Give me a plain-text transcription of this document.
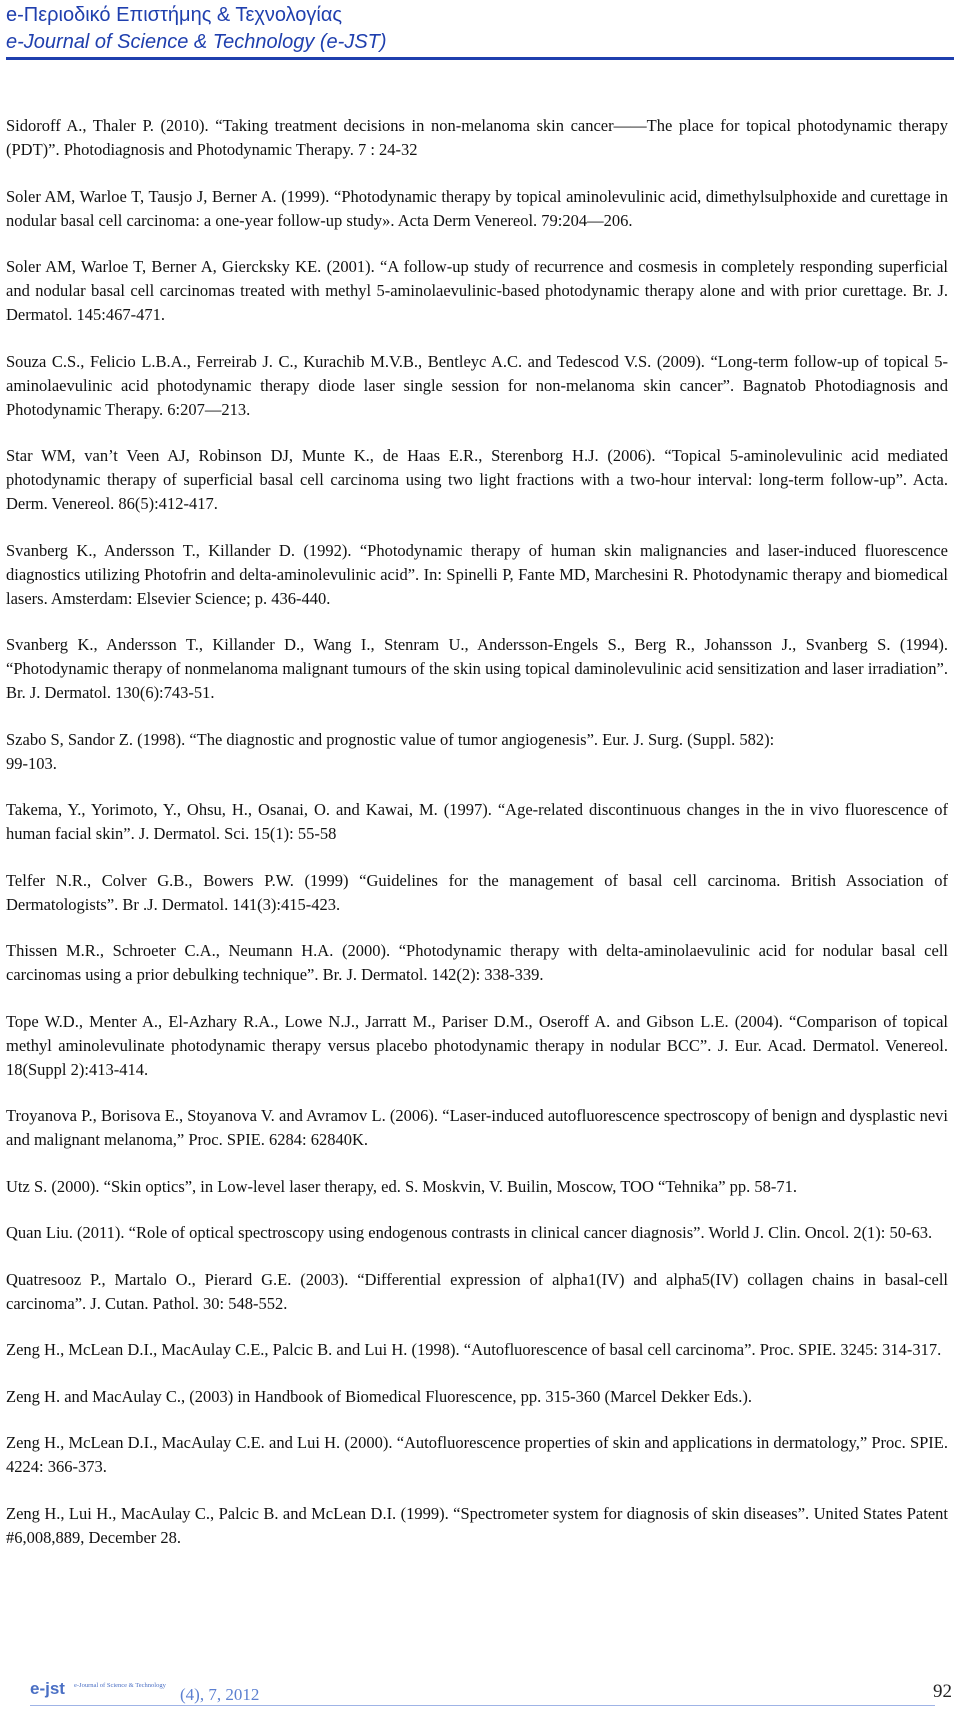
e-Περιοδικό Επιστήμης & Τεχνολογίας
e-Journal of Science & Technology (e-JST)

Sidoroff A., Thaler P. (2010). “Taking treatment decisions in non-melanoma skin cancer——The place for topical photodynamic therapy (PDT)”. Photodiagnosis and Photodynamic Therapy. 7 : 24-32

Soler AM, Warloe T, Tausjo J, Berner A. (1999). “Photodynamic therapy by topical aminolevulinic acid, dimethylsulphoxide and curettage in nodular basal cell carcinoma: a one-year follow-up study». Acta Derm Venereol. 79:204—206.

Soler AM, Warloe T, Berner A, Giercksky KE. (2001). “A follow-up study of recurrence and cosmesis in completely responding superficial and nodular basal cell carcinomas treated with methyl 5-aminolaevulinic-based photodynamic therapy alone and with prior curettage. Br. J. Dermatol. 145:467-471.

Souza C.S., Felicio L.B.A., Ferreirab J. C., Kurachib M.V.B., Bentleyc A.C. and Tedescod V.S. (2009). “Long-term follow-up of topical 5-aminolaevulinic acid photodynamic therapy diode laser single session for non-melanoma skin cancer”. Bagnatob Photodiagnosis and Photodynamic Therapy. 6:207—213.

Star WM, van’t Veen AJ, Robinson DJ, Munte K., de Haas E.R., Sterenborg H.J. (2006). “Topical 5-aminolevulinic acid mediated photodynamic therapy of superficial basal cell carcinoma using two light fractions with a two-hour interval: long-term follow-up”. Acta. Derm. Venereol. 86(5):412-417.

Svanberg K., Andersson T., Killander D. (1992). “Photodynamic therapy of human skin malignancies and laser-induced fluorescence diagnostics utilizing Photofrin and delta-aminolevulinic acid”. In: Spinelli P, Fante MD, Marchesini R. Photodynamic therapy and biomedical lasers. Amsterdam: Elsevier Science; p. 436-440.

Svanberg K., Andersson T., Killander D., Wang I., Stenram U., Andersson-Engels S., Berg R., Johansson J., Svanberg S. (1994). “Photodynamic therapy of nonmelanoma malignant tumours of the skin using topical daminolevulinic acid sensitization and laser irradiation”. Br. J. Dermatol. 130(6):743-51.

Szabo S, Sandor Z. (1998). “The diagnostic and prognostic value of tumor angiogenesis”. Eur. J. Surg. (Suppl. 582):
99-103.

Takema, Y., Yorimoto, Y., Ohsu, H., Osanai, O. and Kawai, M. (1997). “Age-related discontinuous changes in the in vivo fluorescence of human facial skin”. J. Dermatol. Sci. 15(1): 55-58

Telfer N.R., Colver G.B., Bowers P.W. (1999) “Guidelines for the management of basal cell carcinoma. British Association of Dermatologists”. Br .J. Dermatol. 141(3):415-423.

Thissen M.R., Schroeter C.A., Neumann H.A. (2000). “Photodynamic therapy with delta-aminolaevulinic acid for nodular basal cell carcinomas using a prior debulking technique”. Br. J. Dermatol. 142(2): 338-339.

Tope W.D., Menter A., El-Azhary R.A., Lowe N.J., Jarratt M., Pariser D.M., Oseroff A. and Gibson L.E. (2004). “Comparison of topical methyl aminolevulinate photodynamic therapy versus placebo photodynamic therapy in nodular BCC”. J. Eur. Acad. Dermatol. Venereol. 18(Suppl 2):413-414.

Troyanova P., Borisova E., Stoyanova V. and Avramov L. (2006). “Laser-induced autofluorescence spectroscopy of benign and dysplastic nevi and malignant melanoma,” Proc. SPIE. 6284: 62840K.

Utz S. (2000). “Skin optics”, in Low-level laser therapy, ed. S. Moskvin, V. Builin, Moscow, TOO “Tehnika” pp. 58-71.

Quan Liu. (2011). “Role of optical spectroscopy using endogenous contrasts in clinical cancer diagnosis”. World J. Clin. Oncol. 2(1): 50-63.

Quatresooz P., Martalo O., Pierard G.E. (2003). “Differential expression of alpha1(IV) and alpha5(IV) collagen chains in basal-cell carcinoma”. J. Cutan. Pathol. 30: 548-552.

Zeng H., McLean D.I., MacAulay C.E., Palcic B. and Lui H. (1998). “Autofluorescence of basal cell carcinoma”. Proc. SPIE. 3245: 314-317.

Zeng H. and MacAulay C., (2003) in Handbook of Biomedical Fluorescence, pp. 315-360 (Marcel Dekker Eds.).

Zeng H., McLean D.I., MacAulay C.E. and Lui H. (2000). “Autofluorescence properties of skin and applications in dermatology,” Proc. SPIE. 4224: 366-373.

Zeng H., Lui H., MacAulay C., Palcic B. and McLean D.I. (1999). “Spectrometer system for diagnosis of skin diseases”. United States Patent #6,008,889, December 28.

e-jst e-Journal of Science & Technology (4), 7, 2012	92
